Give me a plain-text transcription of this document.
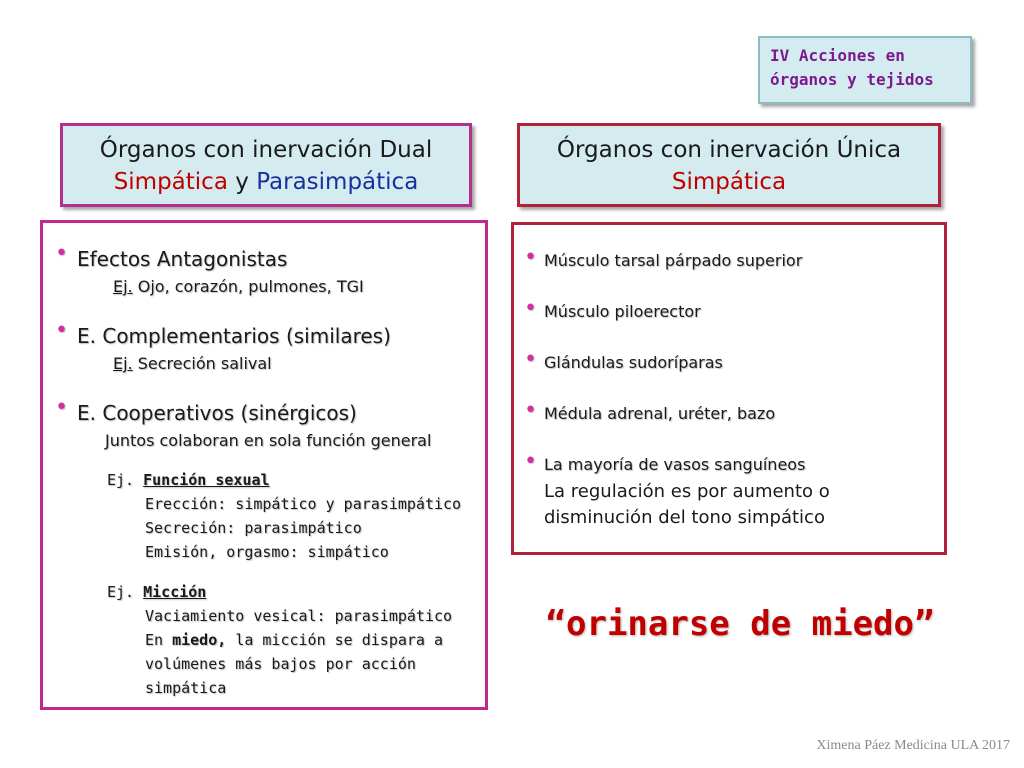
IV Acciones en
órganos y tejidos
Órganos con inervación Dual
Simpática y Parasimpática
Órganos con inervación Única
Simpática
• Efectos Antagonistas
Ej. Ojo, corazón, pulmones, TGI
• E. Complementarios (similares)
Ej. Secreción salival
• E. Cooperativos (sinérgicos)
Juntos colaboran en sola función general
Ej. Función sexual
Erección: simpático y parasimpático
Secreción: parasimpático
Emisión, orgasmo: simpático
Ej. Micción
Vaciamiento vesical: parasimpático
En miedo, la micción se dispara a
volúmenes más bajos por acción
simpática
• Músculo tarsal párpado superior
• Músculo piloerector
• Glándulas sudoríparas
• Médula adrenal, uréter, bazo
• La mayoría de vasos sanguíneos
La regulación es por aumento o
disminución del tono simpático
“orinarse de miedo”
Ximena Páez Medicina ULA 2017
